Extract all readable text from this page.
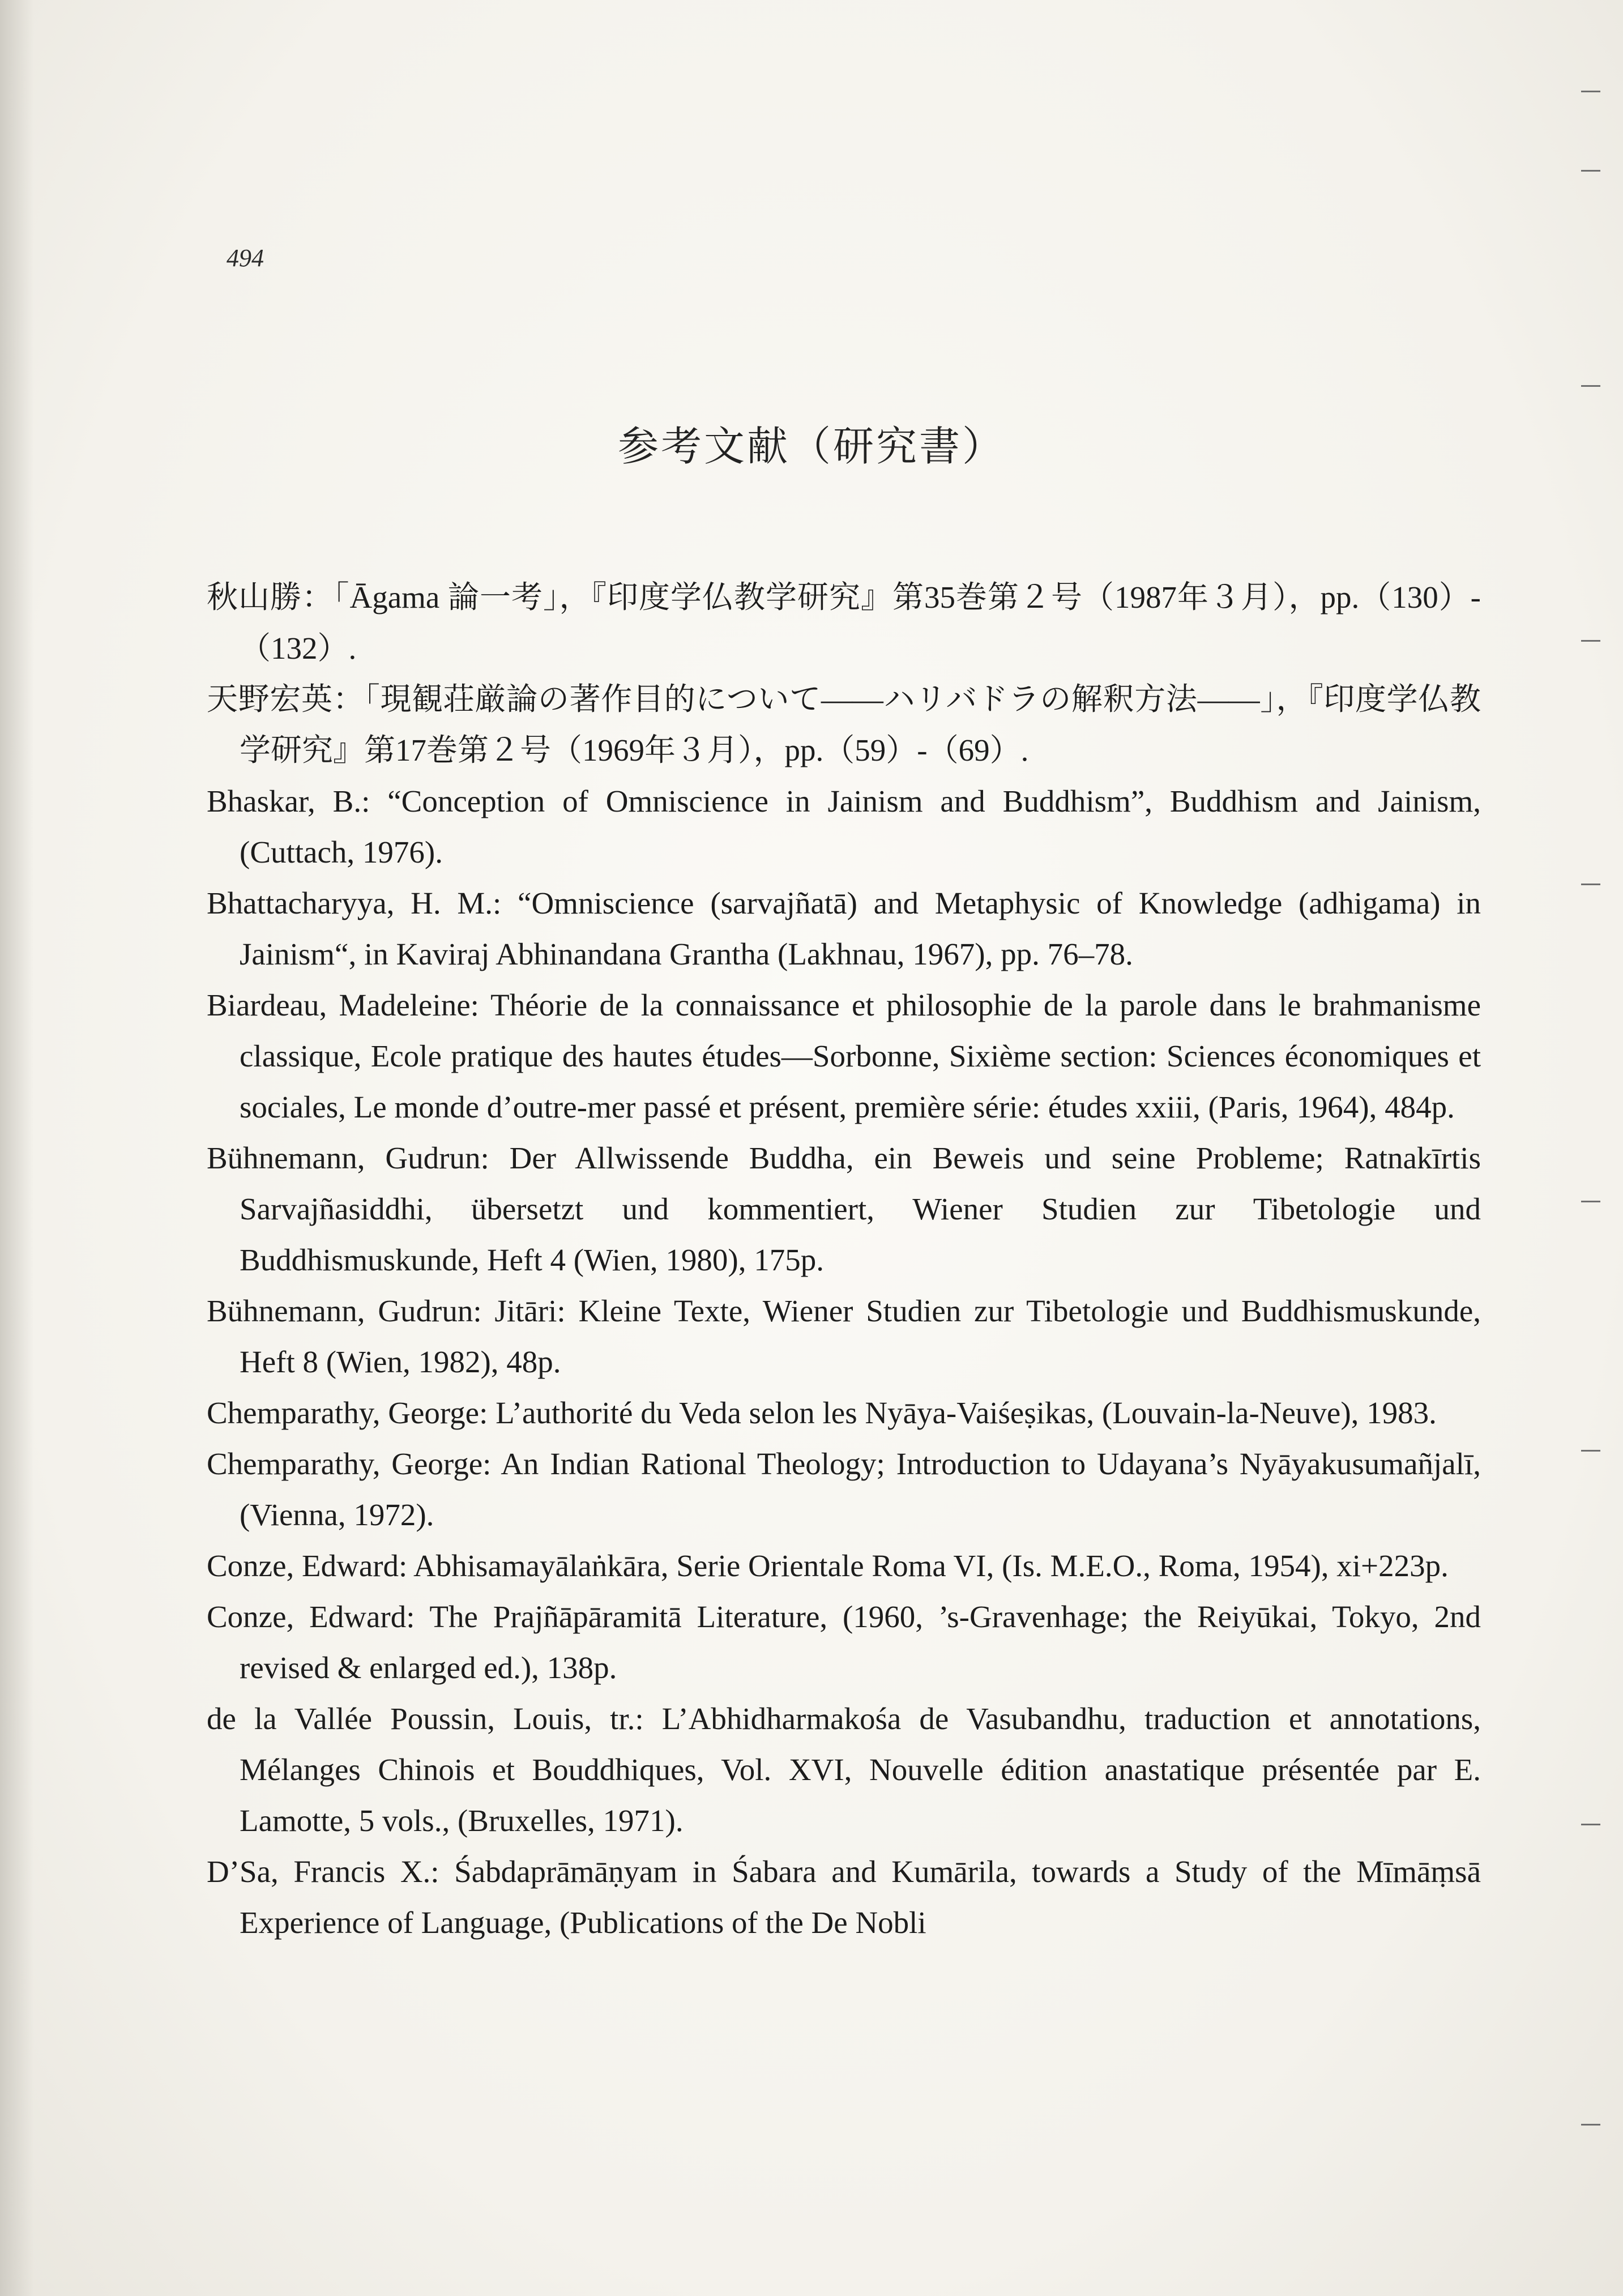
494
参考文献（研究書）

秋山勝：「Āgama 論一考」，『印度学仏教学研究』第35巻第２号（1987年３月），pp.（130）-（132）.

天野宏英：「現観荘厳論の著作目的について――ハリバドラの解釈方法――」，『印度学仏教学研究』第17巻第２号（1969年３月），pp.（59）-（69）.

Bhaskar, B.: “Conception of Omniscience in Jainism and Buddhism”, Buddhism and Jainism, (Cuttach, 1976).

Bhattacharyya, H. M.: “Omniscience (sarvajñatā) and Metaphysic of Knowledge (adhigama) in Jainism“, in Kaviraj Abhinandana Grantha (Lakhnau, 1967), pp. 76–78.

Biardeau, Madeleine: Théorie de la connaissance et philosophie de la parole dans le brahmanisme classique, Ecole pratique des hautes études—Sorbonne, Sixième section: Sciences économiques et sociales, Le monde d’outre-mer passé et présent, première série: études xxiii, (Paris, 1964), 484p.

Bühnemann, Gudrun: Der Allwissende Buddha, ein Beweis und seine Probleme; Ratnakīrtis Sarvajñasiddhi, übersetzt und kommentiert, Wiener Studien zur Tibetologie und Buddhismuskunde, Heft 4 (Wien, 1980), 175p.

Bühnemann, Gudrun: Jitāri: Kleine Texte, Wiener Studien zur Tibetologie und Buddhismuskunde, Heft 8 (Wien, 1982), 48p.

Chemparathy, George: L’authorité du Veda selon les Nyāya-Vaiśeṣikas, (Louvain-la-Neuve), 1983.

Chemparathy, George: An Indian Rational Theology; Introduction to Udayana’s Nyāyakusumañjalī, (Vienna, 1972).

Conze, Edward: Abhisamayālaṅkāra, Serie Orientale Roma VI, (Is. M.E.O., Roma, 1954), xi+223p.

Conze, Edward: The Prajñāpāramitā Literature, (1960, ’s-Gravenhage; the Reiyūkai, Tokyo, 2nd revised & enlarged ed.), 138p.

de la Vallée Poussin, Louis, tr.: L’Abhidharmakośa de Vasubandhu, traduction et annotations, Mélanges Chinois et Bouddhiques, Vol. XVI, Nouvelle édition anastatique présentée par E. Lamotte, 5 vols., (Bruxelles, 1971).

D’Sa, Francis X.: Śabdaprāmāṇyam in Śabara and Kumārila, towards a Study of the Mīmāṃsā Experience of Language, (Publications of the De Nobli
